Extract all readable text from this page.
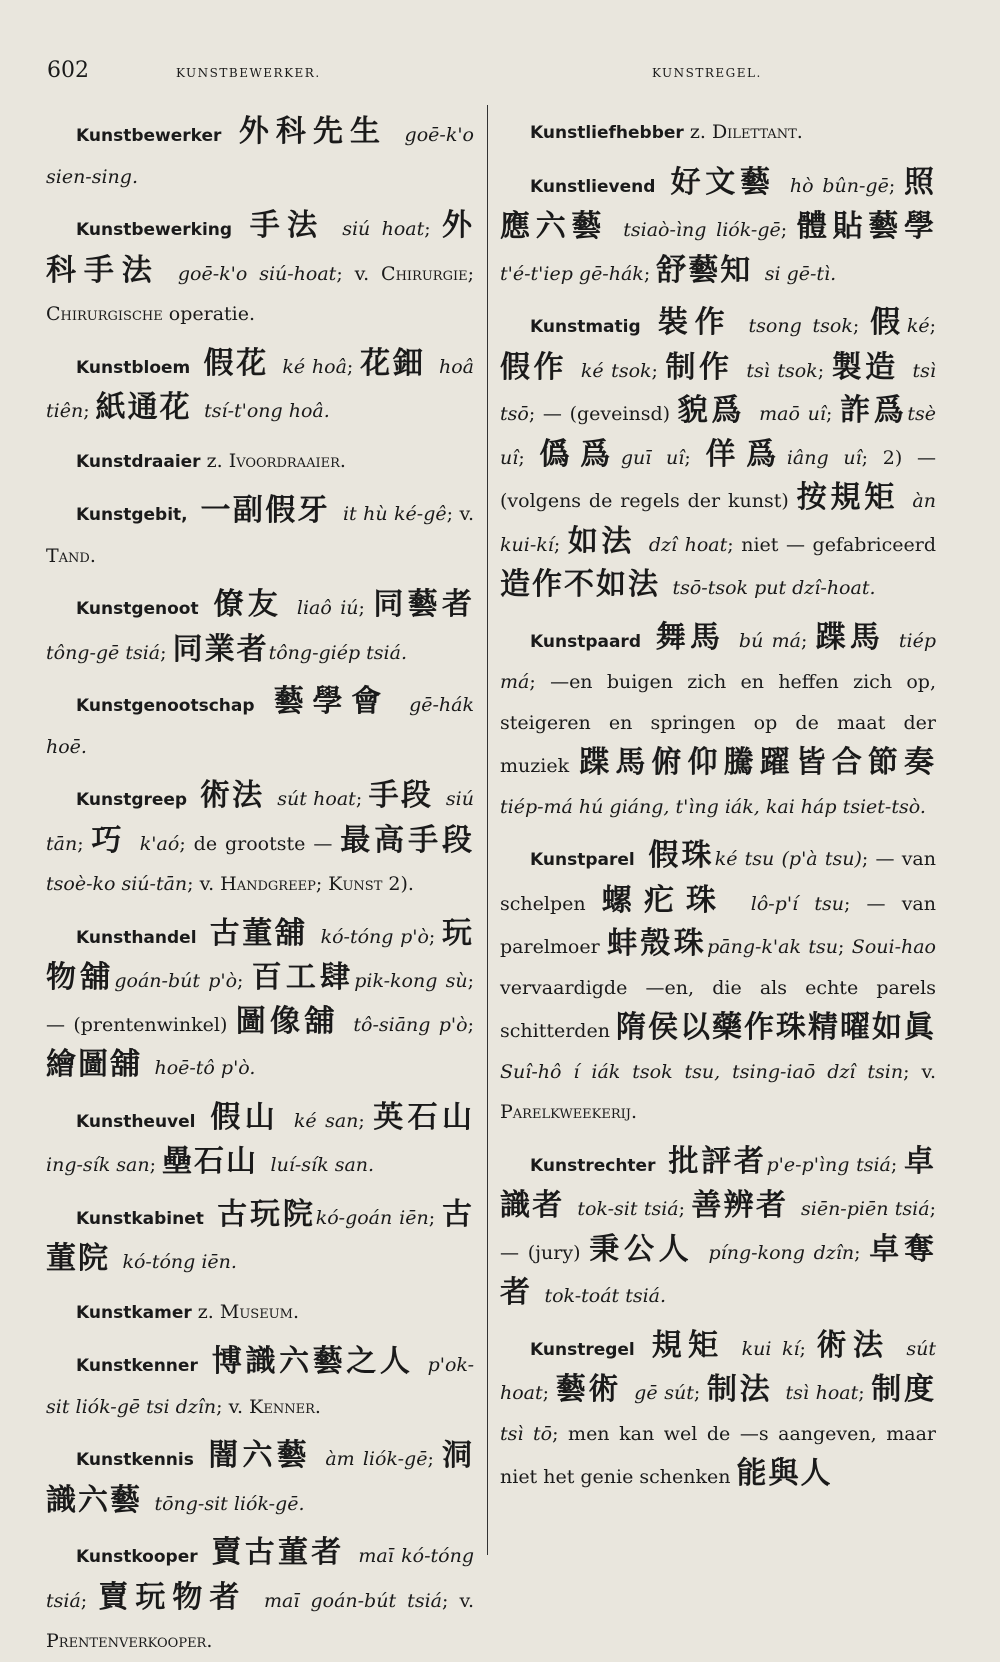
602	KUNSTBEWERKER.	KUNSTREGEL.

Kunstbewerker 外科先生 goē-k'o sien-sing.

Kunstbewerking 手法 siú hoat; 外科手法 goē-k'o siú-hoat; v. Chirurgie; Chirurgische operatie.

Kunstbloem 假花 ké hoâ; 花鈿 hoâ tiên; 紙通花 tsí-t'ong hoâ.

Kunstdraaier z. Ivoordraaier.

Kunstgebit, 一副假牙 it hù ké-gê; v. Tand.

Kunstgenoot 僚友 liaô iú; 同藝者tông-gē tsiá; 同業者tông-giép tsiá.

Kunstgenootschap 藝學會 gē-hák hoē.

Kunstgreep 術法 sút hoat; 手段 siú tān; 巧 k'aó; de grootste — 最高手段 tsoè-ko siú-tān; v. Handgreep; Kunst 2).

Kunsthandel 古董舖 kó-tóng p'ò; 玩物舖goán-bút p'ò; 百工肆pik-kong sù; — (prentenwinkel) 圖像舖 tô-siāng p'ò; 繪圖舖 hoē-tô p'ò.

Kunstheuvel 假山 ké san; 英石山 ing-sík san; 壘石山 luí-sík san.

Kunstkabinet 古玩院kó-goán iēn; 古董院 kó-tóng iēn.

Kunstkamer z. Museum.

Kunstkenner 博識六藝之人 p'ok-sit liók-gē tsi dzîn; v. Kenner.

Kunstkennis 闇六藝 àm liók-gē; 洞識六藝 tōng-sit liók-gē.

Kunstkooper 賣古董者 maī kó-tóng tsiá; 賣玩物者 maī goán-bút tsiá; v. Prentenverkooper.

Kunstliefhebber z. Dilettant.

Kunstlievend 好文藝 hò bûn-gē; 照應六藝 tsiaò-ìng liók-gē; 體貼藝學 t'é-t'iep gē-hák; 舒藝知 si gē-tì.

Kunstmatig 裝作 tsong tsok; 假ké; 假作 ké tsok; 制作 tsì tsok; 製造 tsì tsō; — (geveinsd) 貌爲 maō uî; 詐爲tsè uî; 僞爲guī uî; 佯爲iâng uî; 2) — (volgens de regels der kunst) 按規矩 àn kui-kí; 如法 dzî hoat; niet — gefabriceerd 造作不如法 tsō-tsok put dzî-hoat.

Kunstpaard 舞馬 bú má; 蹀馬 tiép má; —en buigen zich en heffen zich op, steigeren en springen op de maat der muziek 蹀馬俯仰騰躍皆合節奏 tiép-má hú giáng, t'ìng iák, kai háp tsiet-tsò.

Kunstparel 假珠ké tsu (p'à tsu); — van schelpen 螺疕珠 lô-p'í tsu; — van parelmoer 蚌殼珠pāng-k'ak tsu; Soui-hao vervaardigde —en, die als echte parels schitterden 隋侯以藥作珠精曜如眞Suî-hô í iák tsok tsu, tsing-iaō dzî tsin; v. Parelkweekerij.

Kunstrechter 批評者p'e-p'ìng tsiá; 卓識者 tok-sit tsiá; 善辨者 siēn-piēn tsiá; — (jury) 秉公人 píng-kong dzîn; 卓奪者 tok-toát tsiá.

Kunstregel 規矩 kui kí; 術法 sút hoat; 藝術 gē sút; 制法 tsì hoat; 制度 tsì tō; men kan wel de —s aangeven, maar niet het genie schenken 能與人
